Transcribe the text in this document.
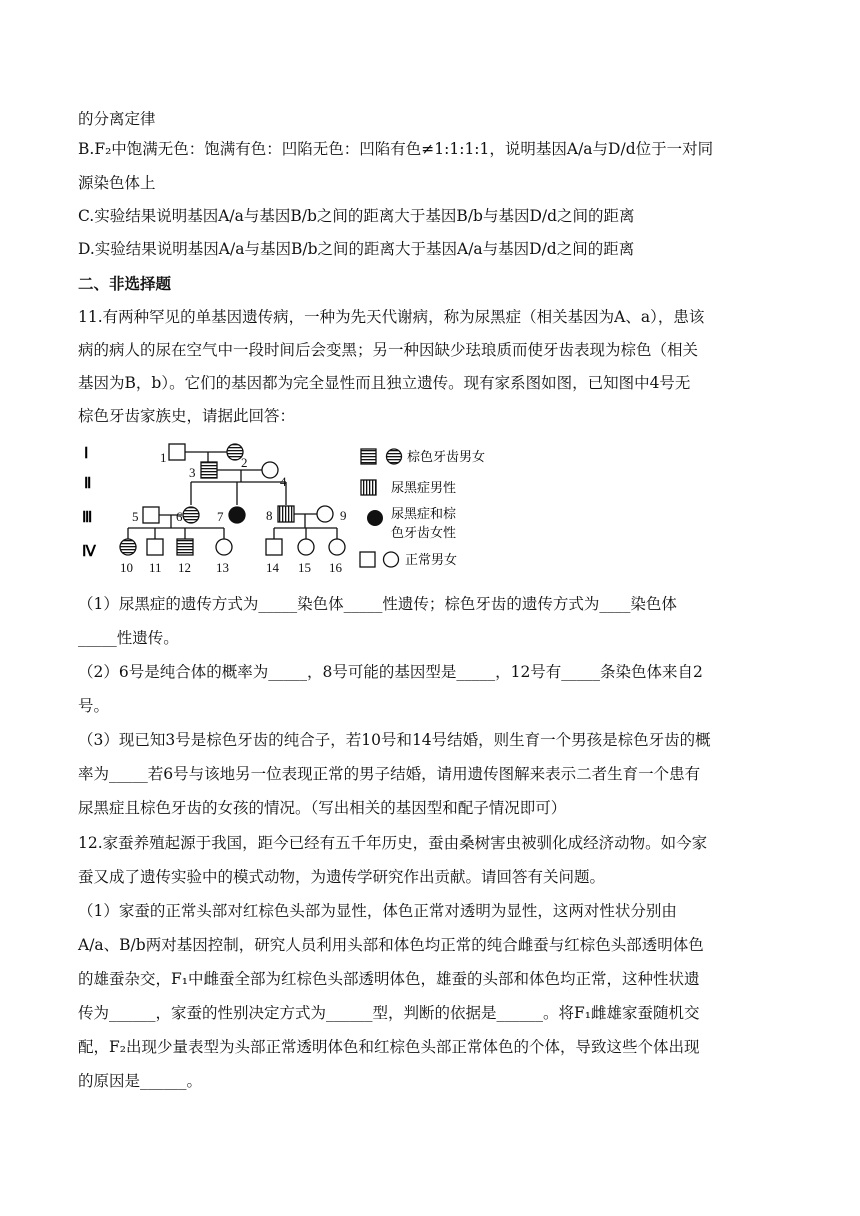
的分离定律
B.F₂中饱满无色：饱满有色：凹陷无色：凹陷有色≠1:1:1:1，说明基因A/a与D/d位于一对同
源染色体上
C.实验结果说明基因A/a与基因B/b之间的距离大于基因B/b与基因D/d之间的距离
D.实验结果说明基因A/a与基因B/b之间的距离大于基因A/a与基因D/d之间的距离
二、非选择题
11.有两种罕见的单基因遗传病，一种为先天代谢病，称为尿黑症（相关基因为A、a），患该
病的病人的尿在空气中一段时间后会变黑；另一种因缺少珐琅质而使牙齿表现为棕色（相关
基因为B，b）。它们的基因都为完全显性而且独立遗传。现有家系图如图，已知图中4号无
棕色牙齿家族史，请据此回答：
（1）尿黑症的遗传方式为_____染色体_____性遗传；棕色牙齿的遗传方式为____染色体
_____性遗传。
（2）6号是纯合体的概率为_____，8号可能的基因型是_____，12号有_____条染色体来自2
号。
（3）现已知3号是棕色牙齿的纯合子，若10号和14号结婚，则生育一个男孩是棕色牙齿的概
率为_____若6号与该地另一位表现正常的男子结婚，请用遗传图解来表示二者生育一个患有
尿黑症且棕色牙齿的女孩的情况。（写出相关的基因型和配子情况即可）
12.家蚕养殖起源于我国，距今已经有五千年历史，蚕由桑树害虫被驯化成经济动物。如今家
蚕又成了遗传实验中的模式动物，为遗传学研究作出贡献。请回答有关问题。
（1）家蚕的正常头部对红棕色头部为显性，体色正常对透明为显性，这两对性状分别由
A/a、B/b两对基因控制，研究人员利用头部和体色均正常的纯合雌蚕与红棕色头部透明体色
的雄蚕杂交，F₁中雌蚕全部为红棕色头部透明体色，雄蚕的头部和体色均正常，这种性状遗
传为______，家蚕的性别决定方式为______型，判断的依据是______。将F₁雌雄家蚕随机交
配，F₂出现少量表型为头部正常透明体色和红棕色头部正常体色的个体，导致这些个体出现
的原因是______。
Ⅰ
Ⅱ
Ⅲ
Ⅳ
1	2
3
4
5	6	7	8	9
10 11 12 13	14 15 16
棕色牙齿男女
尿黑症男性
尿黑症和棕
色牙齿女性
正常男女
